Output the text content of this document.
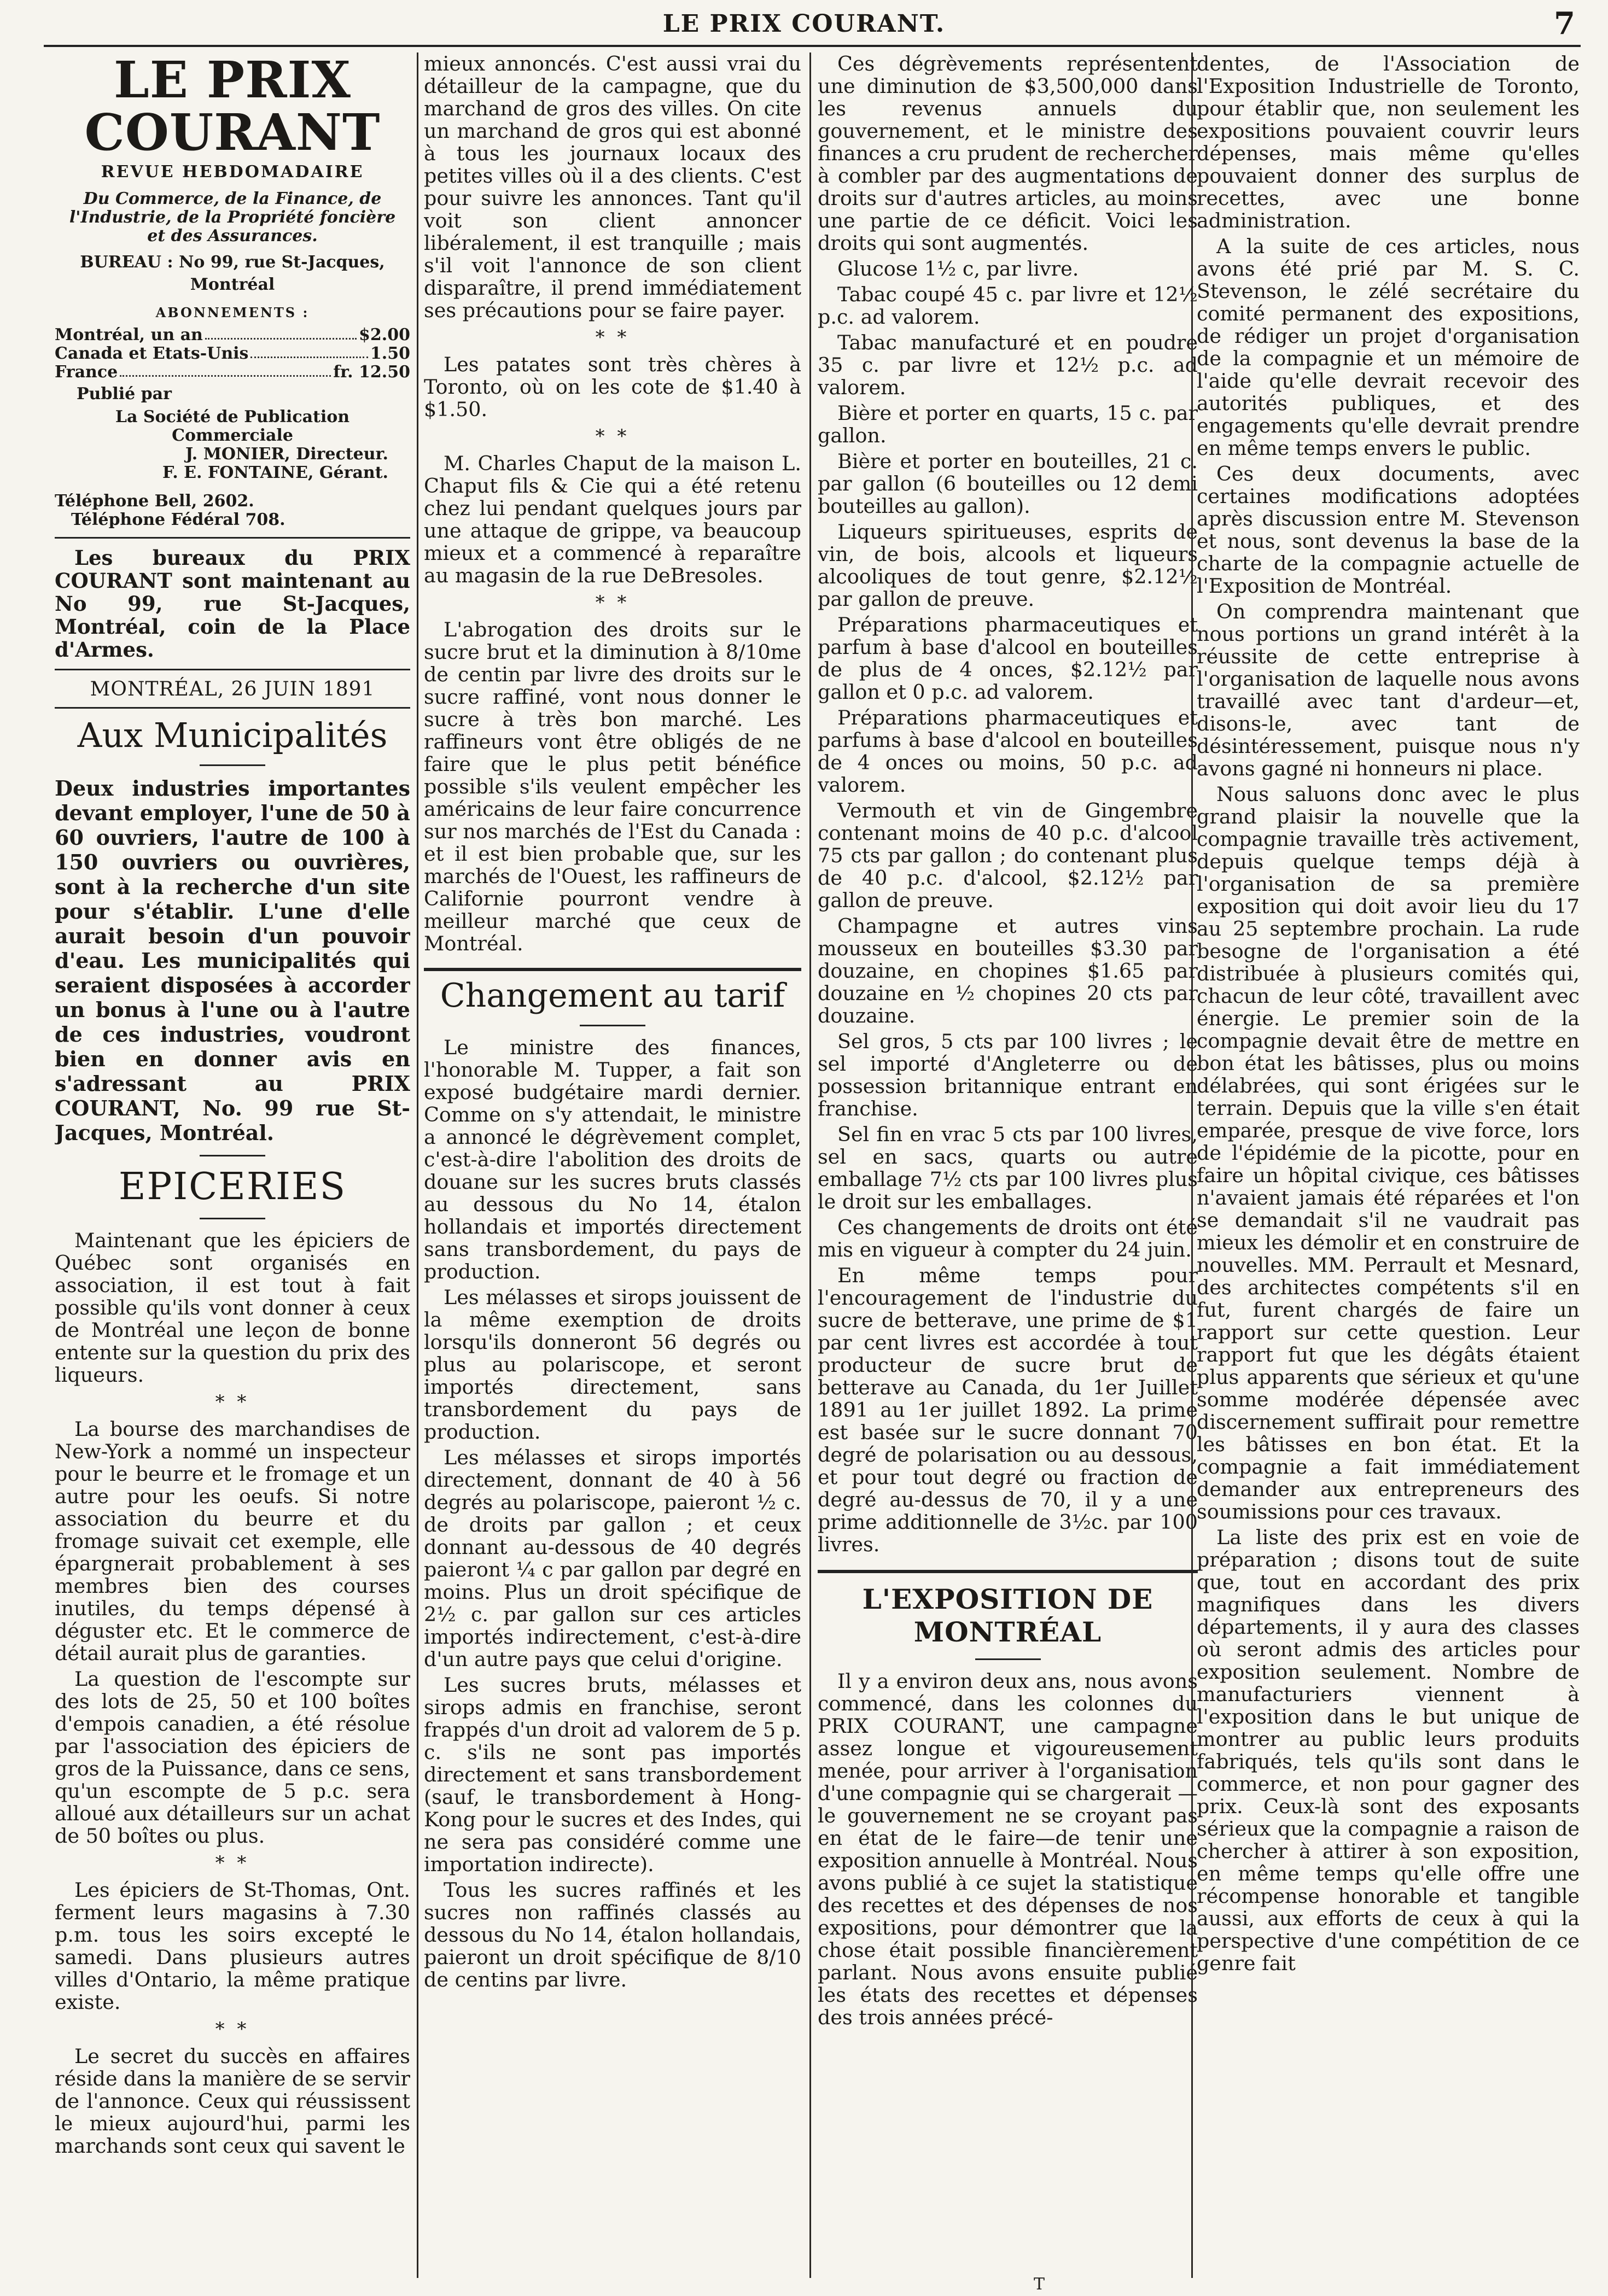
LE PRIX COURANT.	7
LE PRIX COURANT
REVUE HEBDOMADAIRE
Du Commerce, de la Finance, de l'Industrie, de la Propriété foncière et des Assurances.
BUREAU : No 99, rue St-Jacques, Montréal
ABONNEMENTS :
Montréal, un an	$2.00
Canada et Etats-Unis	1.50
France	fr. 12.50
Publié par
La Société de Publication Commerciale
J. MONIER, Directeur.
F. E. FONTAINE, Gérant.
Téléphone Bell, 2602.
Téléphone Fédéral 708.

Les bureaux du PRIX COURANT sont maintenant au No 99, rue St-Jacques, Montréal, coin de la Place d'Armes.

MONTRÉAL, 26 JUIN 1891
Aux Municipalités
Deux industries importantes devant employer, l'une de 50 à 60 ouvriers, l'autre de 100 à 150 ouvriers ou ouvrières, sont à la recherche d'un site pour s'établir. L'une d'elle aurait besoin d'un pouvoir d'eau. Les municipalités qui seraient disposées à accorder un bonus à l'une ou à l'autre de ces industries, voudront bien en donner avis en s'adressant au PRIX COURANT, No. 99 rue St-Jacques, Montréal.
EPICERIES

Maintenant que les épiciers de Québec sont organisés en association, il est tout à fait possible qu'ils vont donner à ceux de Montréal une leçon de bonne entente sur la question du prix des liqueurs.

* *

La bourse des marchandises de New-York a nommé un inspecteur pour le beurre et le fromage et un autre pour les oeufs. Si notre association du beurre et du fromage suivait cet exemple, elle épargnerait probablement à ses membres bien des courses inutiles, du temps dépensé à déguster etc. Et le commerce de détail aurait plus de garanties.

La question de l'escompte sur des lots de 25, 50 et 100 boîtes d'empois canadien, a été résolue par l'association des épiciers de gros de la Puissance, dans ce sens, qu'un escompte de 5 p.c. sera alloué aux détailleurs sur un achat de 50 boîtes ou plus.

* *

Les épiciers de St-Thomas, Ont. ferment leurs magasins à 7.30 p.m. tous les soirs excepté le samedi. Dans plusieurs autres villes d'Ontario, la même pratique existe.

* *

Le secret du succès en affaires réside dans la manière de se servir de l'annonce. Ceux qui réussissent le mieux aujourd'hui, parmi les marchands sont ceux qui savent le

mieux annoncés. C'est aussi vrai du détailleur de la campagne, que du marchand de gros des villes. On cite un marchand de gros qui est abonné à tous les journaux locaux des petites villes où il a des clients. C'est pour suivre les annonces. Tant qu'il voit son client annoncer libéralement, il est tranquille ; mais s'il voit l'annonce de son client disparaître, il prend immédiatement ses précautions pour se faire payer.

* *

Les patates sont très chères à Toronto, où on les cote de $1.40 à $1.50.

* *

M. Charles Chaput de la maison L. Chaput fils & Cie qui a été retenu chez lui pendant quelques jours par une attaque de grippe, va beaucoup mieux et a commencé à reparaître au magasin de la rue DeBresoles.

* *

L'abrogation des droits sur le sucre brut et la diminution à 8/10me de centin par livre des droits sur le sucre raffiné, vont nous donner le sucre à très bon marché. Les raffineurs vont être obligés de ne faire que le plus petit bénéfice possible s'ils veulent empêcher les américains de leur faire concurrence sur nos marchés de l'Est du Canada : et il est bien probable que, sur les marchés de l'Ouest, les raffineurs de Californie pourront vendre à meilleur marché que ceux de Montréal.

Changement au tarif

Le ministre des finances, l'honorable M. Tupper, a fait son exposé budgétaire mardi dernier. Comme on s'y attendait, le ministre a annoncé le dégrèvement complet, c'est-à-dire l'abolition des droits de douane sur les sucres bruts classés au dessous du No 14, étalon hollandais et importés directement sans transbordement, du pays de production.

Les mélasses et sirops jouissent de la même exemption de droits lorsqu'ils donneront 56 degrés ou plus au polariscope, et seront importés directement, sans transbordement du pays de production.

Les mélasses et sirops importés directement, donnant de 40 à 56 degrés au polariscope, paieront ½ c. de droits par gallon ; et ceux donnant au-dessous de 40 degrés paieront ¼ c par gallon par degré en moins. Plus un droit spécifique de 2½ c. par gallon sur ces articles importés indirectement, c'est-à-dire d'un autre pays que celui d'origine.

Les sucres bruts, mélasses et sirops admis en franchise, seront frappés d'un droit ad valorem de 5 p. c. s'ils ne sont pas importés directement et sans transbordement (sauf, le transbordement à Hong-Kong pour le sucres et des Indes, qui ne sera pas considéré comme une importation indirecte).

Tous les sucres raffinés et les sucres non raffinés classés au dessous du No 14, étalon hollandais, paieront un droit spécifique de 8/10 de centins par livre.

Ces dégrèvements représentent une diminution de $3,500,000 dans les revenus annuels du gouvernement, et le ministre des finances a cru prudent de rechercher à combler par des augmentations de droits sur d'autres articles, au moins une partie de ce déficit. Voici les droits qui sont augmentés.

Glucose 1½ c, par livre.

Tabac coupé 45 c. par livre et 12½ p.c. ad valorem.

Tabac manufacturé et en poudre 35 c. par livre et 12½ p.c. ad valorem.

Bière et porter en quarts, 15 c. par gallon.

Bière et porter en bouteilles, 21 c. par gallon (6 bouteilles ou 12 demi bouteilles au gallon).

Liqueurs spiritueuses, esprits de vin, de bois, alcools et liqueurs alcooliques de tout genre, $2.12½ par gallon de preuve.

Préparations pharmaceutiques et parfum à base d'alcool en bouteilles de plus de 4 onces, $2.12½ par gallon et 0 p.c. ad valorem.

Préparations pharmaceutiques et parfums à base d'alcool en bouteilles de 4 onces ou moins, 50 p.c. ad valorem.

Vermouth et vin de Gingembre contenant moins de 40 p.c. d'alcool 75 cts par gallon ; do contenant plus de 40 p.c. d'alcool, $2.12½ par gallon de preuve.

Champagne et autres vins mousseux en bouteilles $3.30 par douzaine, en chopines $1.65 par douzaine en ½ chopines 20 cts par douzaine.

Sel gros, 5 cts par 100 livres ; le sel importé d'Angleterre ou de possession britannique entrant en franchise.

Sel fin en vrac 5 cts par 100 livres, sel en sacs, quarts ou autre emballage 7½ cts par 100 livres plus le droit sur les emballages.

Ces changements de droits ont été mis en vigueur à compter du 24 juin.

En même temps pour l'encouragement de l'industrie du sucre de betterave, une prime de $1 par cent livres est accordée à tout producteur de sucre brut de betterave au Canada, du 1er Juillet 1891 au 1er juillet 1892. La prime est basée sur le sucre donnant 70 degré de polarisation ou au dessous, et pour tout degré ou fraction de degré au-dessus de 70, il y a une prime additionnelle de 3½c. par 100 livres.

L'EXPOSITION DE MONTRÉAL

Il y a environ deux ans, nous avons commencé, dans les colonnes du PRIX COURANT, une campagne assez longue et vigoureusement menée, pour arriver à l'organisation d'une compagnie qui se chargerait —le gouvernement ne se croyant pas en état de le faire—de tenir une exposition annuelle à Montréal. Nous avons publié à ce sujet la statistique des recettes et des dépenses de nos expositions, pour démontrer que la chose était possible financièrement parlant. Nous avons ensuite publié les états des recettes et dépenses des trois années précé-

dentes, de l'Association de l'Exposition Industrielle de Toronto, pour établir que, non seulement les expositions pouvaient couvrir leurs dépenses, mais même qu'elles pouvaient donner des surplus de recettes, avec une bonne administration.

A la suite de ces articles, nous avons été prié par M. S. C. Stevenson, le zélé secrétaire du comité permanent des expositions, de rédiger un projet d'organisation de la compagnie et un mémoire de l'aide qu'elle devrait recevoir des autorités publiques, et des engagements qu'elle devrait prendre en même temps envers le public.

Ces deux documents, avec certaines modifications adoptées après discussion entre M. Stevenson et nous, sont devenus la base de la charte de la compagnie actuelle de l'Exposition de Montréal.

On comprendra maintenant que nous portions un grand intérêt à la réussite de cette entreprise à l'organisation de laquelle nous avons travaillé avec tant d'ardeur—et, disons-le, avec tant de désintéressement, puisque nous n'y avons gagné ni honneurs ni place.

Nous saluons donc avec le plus grand plaisir la nouvelle que la compagnie travaille très activement, depuis quelque temps déjà à l'organisation de sa première exposition qui doit avoir lieu du 17 au 25 septembre prochain. La rude besogne de l'organisation a été distribuée à plusieurs comités qui, chacun de leur côté, travaillent avec énergie. Le premier soin de la compagnie devait être de mettre en bon état les bâtisses, plus ou moins délabrées, qui sont érigées sur le terrain. Depuis que la ville s'en était emparée, presque de vive force, lors de l'épidémie de la picotte, pour en faire un hôpital civique, ces bâtisses n'avaient jamais été réparées et l'on se demandait s'il ne vaudrait pas mieux les démolir et en construire de nouvelles. MM. Perrault et Mesnard, des architectes compétents s'il en fut, furent chargés de faire un rapport sur cette question. Leur rapport fut que les dégâts étaient plus apparents que sérieux et qu'une somme modérée dépensée avec discernement suffirait pour remettre les bâtisses en bon état. Et la compagnie a fait immédiatement demander aux entrepreneurs des soumissions pour ces travaux.

La liste des prix est en voie de préparation ; disons tout de suite que, tout en accordant des prix magnifiques dans les divers départements, il y aura des classes où seront admis des articles pour exposition seulement. Nombre de manufacturiers viennent à l'exposition dans le but unique de montrer au public leurs produits fabriqués, tels qu'ils sont dans le commerce, et non pour gagner des prix. Ceux-là sont des exposants sérieux que la compagnie a raison de chercher à attirer à son exposition, en même temps qu'elle offre une récompense honorable et tangible aussi, aux efforts de ceux à qui la perspective d'une compétition de ce genre fait

T
